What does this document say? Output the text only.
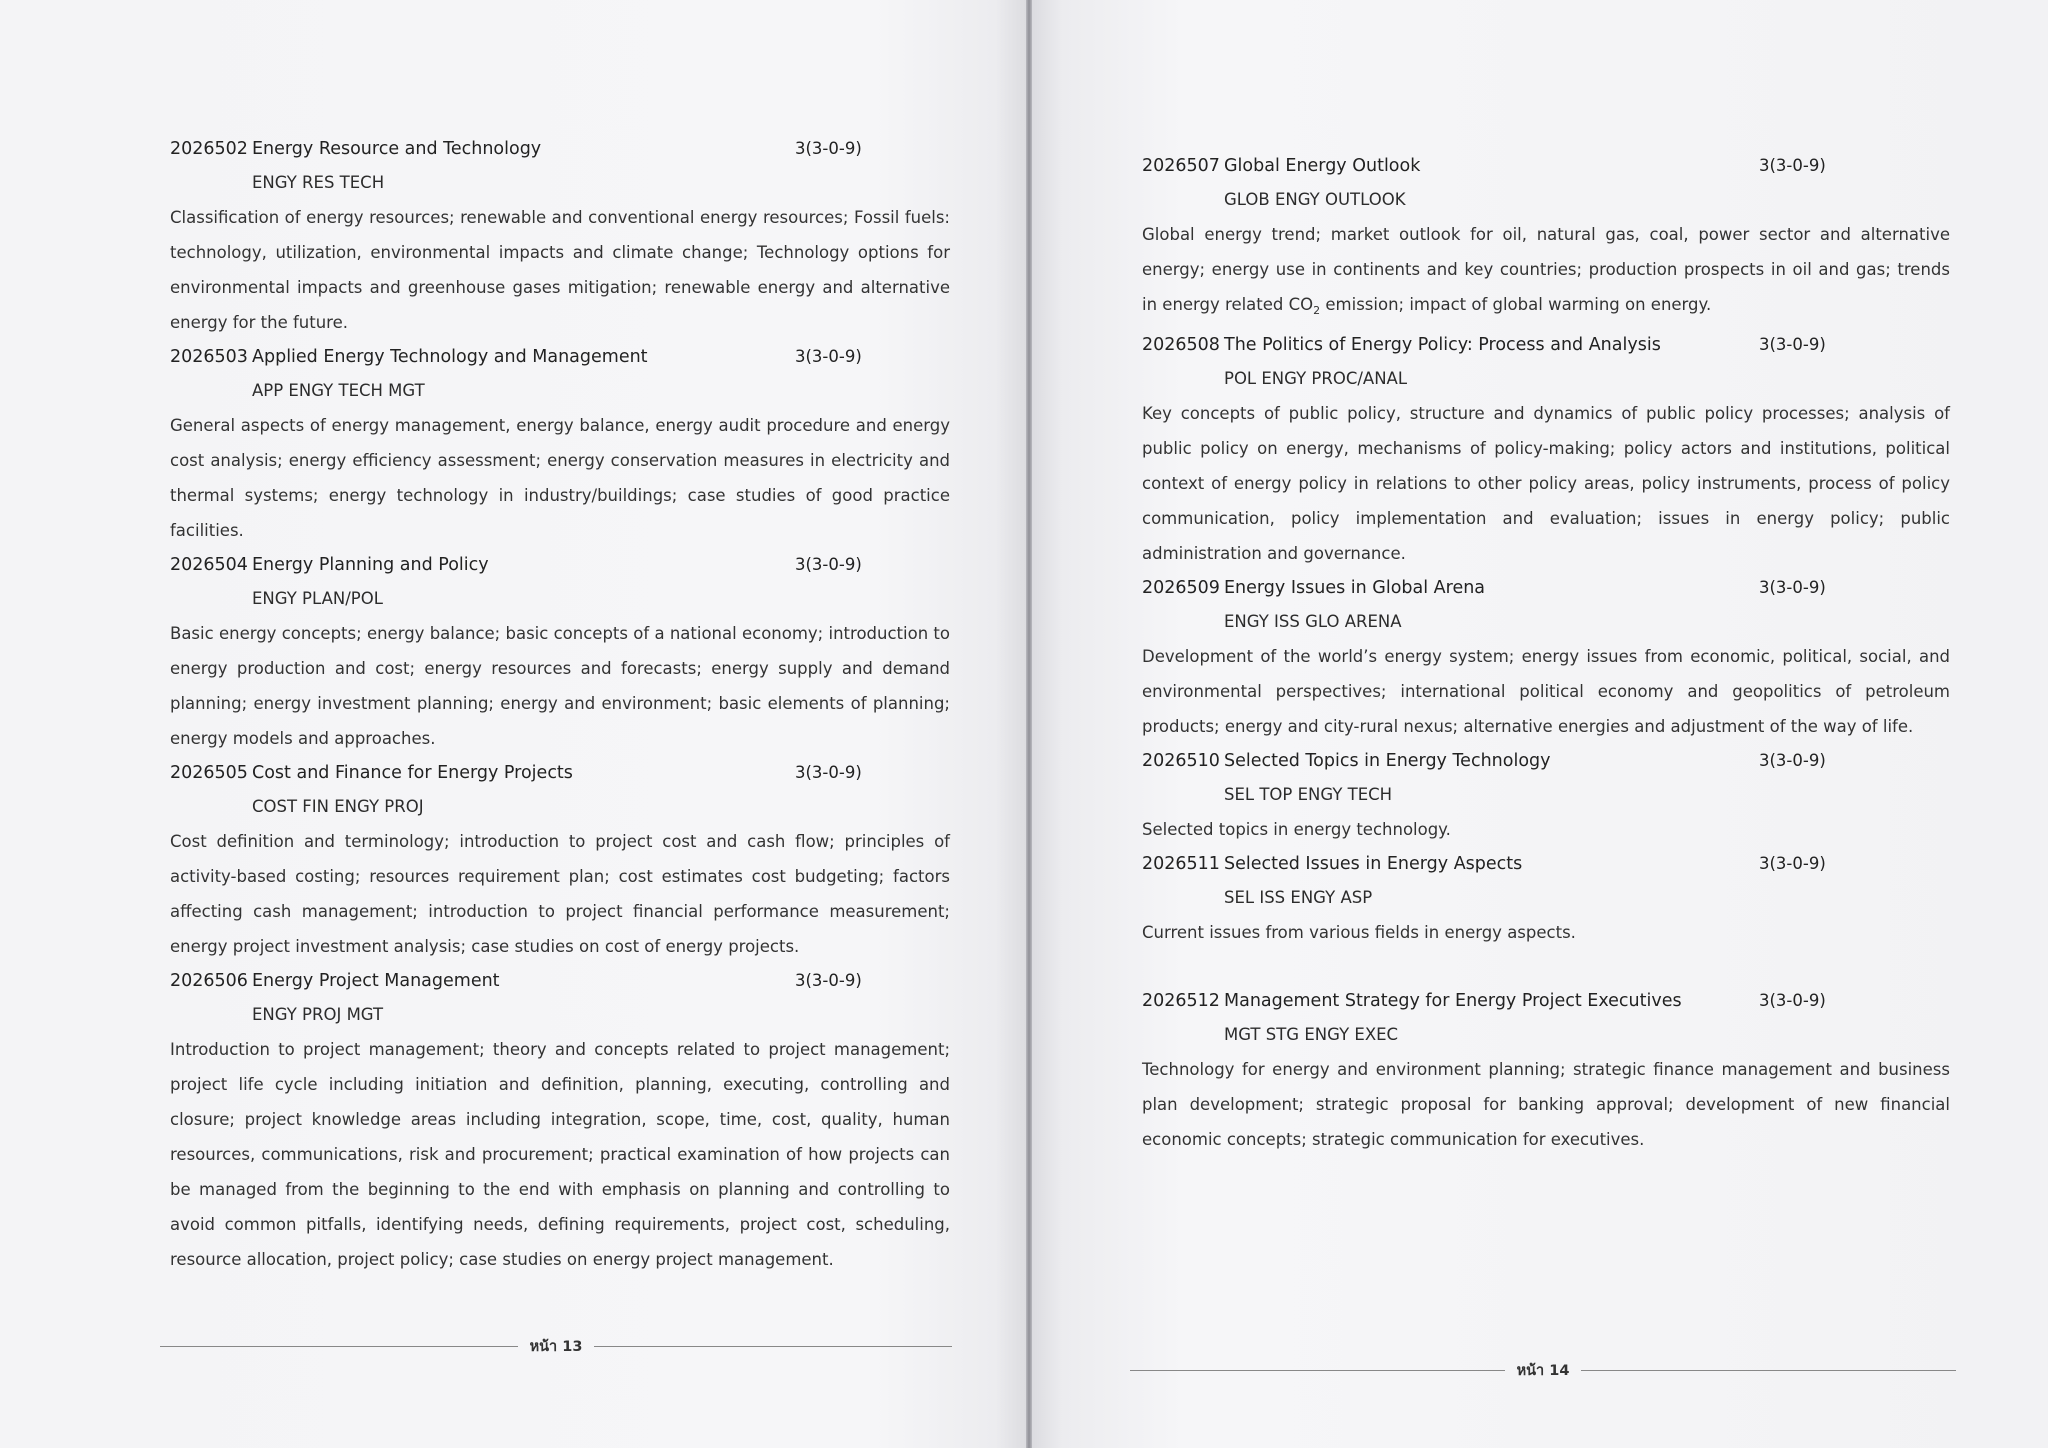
2026502 Energy Resource and Technology	3(3-0-9)
ENGY RES TECH

Classification of energy resources; renewable and conventional energy resources; Fossil fuels: technology, utilization, environmental impacts and climate change; Technology options for environmental impacts and greenhouse gases mitigation; renewable energy and alternative energy for the future.

2026503 Applied Energy Technology and Management	3(3-0-9)
APP ENGY TECH MGT

General aspects of energy management, energy balance, energy audit procedure and energy cost analysis; energy efficiency assessment; energy conservation measures in electricity and thermal systems; energy technology in industry/buildings; case studies of good practice facilities.

2026504 Energy Planning and Policy	3(3-0-9)
ENGY PLAN/POL

Basic energy concepts; energy balance; basic concepts of a national economy; introduction to energy production and cost; energy resources and forecasts; energy supply and demand planning; energy investment planning; energy and environment; basic elements of planning; energy models and approaches.

2026505 Cost and Finance for Energy Projects	3(3-0-9)
COST FIN ENGY PROJ

Cost definition and terminology; introduction to project cost and cash flow; principles of activity-based costing; resources requirement plan; cost estimates cost budgeting; factors affecting cash management; introduction to project financial performance measurement; energy project investment analysis; case studies on cost of energy projects.

2026506 Energy Project Management	3(3-0-9)
ENGY PROJ MGT

Introduction to project management; theory and concepts related to project management; project life cycle including initiation and definition, planning, executing, controlling and closure; project knowledge areas including integration, scope, time, cost, quality, human resources, communications, risk and procurement; practical examination of how projects can be managed from the beginning to the end with emphasis on planning and controlling to avoid common pitfalls, identifying needs, defining requirements, project cost, scheduling, resource allocation, project policy; case studies on energy project management.

หน้า 13
2026507 Global Energy Outlook	3(3-0-9)
GLOB ENGY OUTLOOK

Global energy trend; market outlook for oil, natural gas, coal, power sector and alternative energy; energy use in continents and key countries; production prospects in oil and gas; trends in energy related $CO_2$ emission; impact of global warming on energy.

2026508 The Politics of Energy Policy: Process and Analysis	3(3-0-9)
POL ENGY PROC/ANAL

Key concepts of public policy, structure and dynamics of public policy processes; analysis of public policy on energy, mechanisms of policy-making; policy actors and institutions, political context of energy policy in relations to other policy areas, policy instruments, process of policy communication, policy implementation and evaluation; issues in energy policy; public administration and governance.

2026509 Energy Issues in Global Arena	3(3-0-9)
ENGY ISS GLO ARENA

Development of the world’s energy system; energy issues from economic, political, social, and environmental perspectives; international political economy and geopolitics of petroleum products; energy and city-rural nexus; alternative energies and adjustment of the way of life.

2026510 Selected Topics in Energy Technology	3(3-0-9)
SEL TOP ENGY TECH

Selected topics in energy technology.

2026511 Selected Issues in Energy Aspects	3(3-0-9)
SEL ISS ENGY ASP

Current issues from various fields in energy aspects.

2026512 Management Strategy for Energy Project Executives	3(3-0-9)
MGT STG ENGY EXEC

Technology for energy and environment planning; strategic finance management and business plan development; strategic proposal for banking approval; development of new financial economic concepts; strategic communication for executives.

หน้า 14
